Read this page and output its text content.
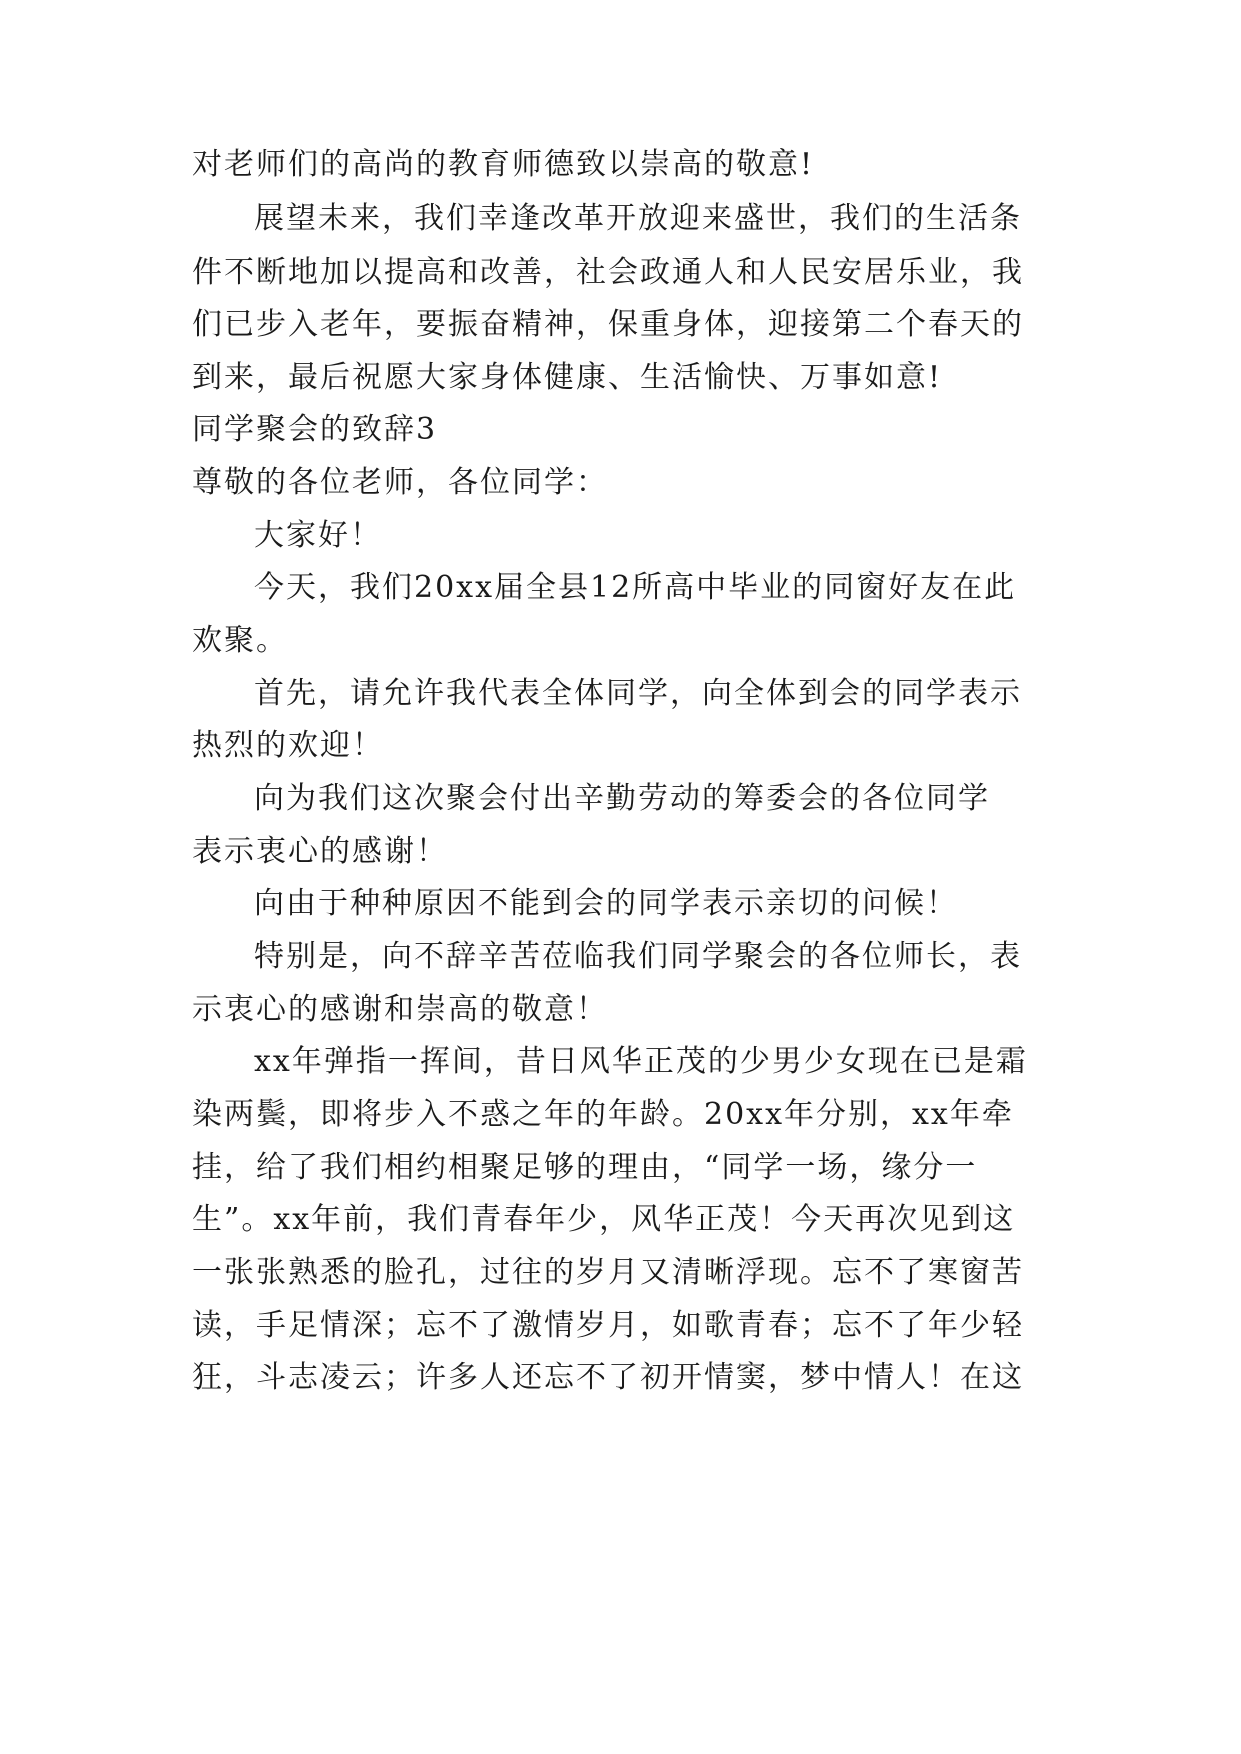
对老师们的高尚的教育师德致以崇高的敬意!
展望未来，我们幸逢改革开放迎来盛世，我们的生活条
件不断地加以提高和改善，社会政通人和人民安居乐业，我
们已步入老年，要振奋精神，保重身体，迎接第二个春天的
到来，最后祝愿大家身体健康、生活愉快、万事如意!
同学聚会的致辞3
尊敬的各位老师，各位同学：
大家好！
今天，我们20xx届全县12所高中毕业的同窗好友在此
欢聚。
首先，请允许我代表全体同学，向全体到会的同学表示
热烈的欢迎！
向为我们这次聚会付出辛勤劳动的筹委会的各位同学
表示衷心的感谢！
向由于种种原因不能到会的同学表示亲切的问候！
特别是，向不辞辛苦莅临我们同学聚会的各位师长，表
示衷心的感谢和崇高的敬意！
xx年弹指一挥间，昔日风华正茂的少男少女现在已是霜
染两鬓，即将步入不惑之年的年龄。20xx年分别，xx年牵
挂，给了我们相约相聚足够的理由，“同学一场，缘分一
生”。xx年前，我们青春年少，风华正茂！今天再次见到这
一张张熟悉的脸孔，过往的岁月又清晰浮现。忘不了寒窗苦
读，手足情深；忘不了激情岁月，如歌青春；忘不了年少轻
狂，斗志凌云；许多人还忘不了初开情窦，梦中情人！在这
